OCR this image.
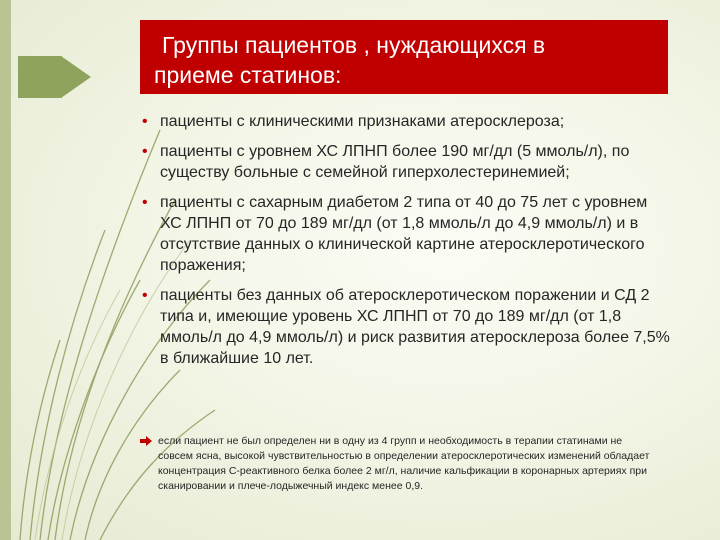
Группы пациентов , нуждающихся в
приеме статинов:
• пациенты с клиническими признаками атеросклероза;
• пациенты с уровнем ХС ЛПНП более 190 мг/дл (5 ммоль/л), по существу больные с семейной гиперхолестеринемией;
• пациенты с сахарным диабетом 2 типа от 40 до 75 лет с уровнем ХС ЛПНП от 70 до 189 мг/дл (от 1,8 ммоль/л до 4,9 ммоль/л) и в отсутствие данных о клинической картине атеросклеротического поражения;
• пациенты без данных об атеросклеротическом поражении и СД 2 типа и, имеющие уровень ХС ЛПНП от 70 до 189 мг/дл (от 1,8 ммоль/л до 4,9 ммоль/л) и риск развития атеросклероза более 7,5% в ближайшие 10 лет.
если пациент не был определен ни в одну из 4 групп и необходимость в терапии статинами не совсем ясна, высокой чувствительностью в определении атеросклеротических изменений обладает концентрация С-реактивного белка более 2 мг/л, наличие кальфикации в коронарных артериях при сканировании и плече-лодыжечный индекс менее 0,9.
